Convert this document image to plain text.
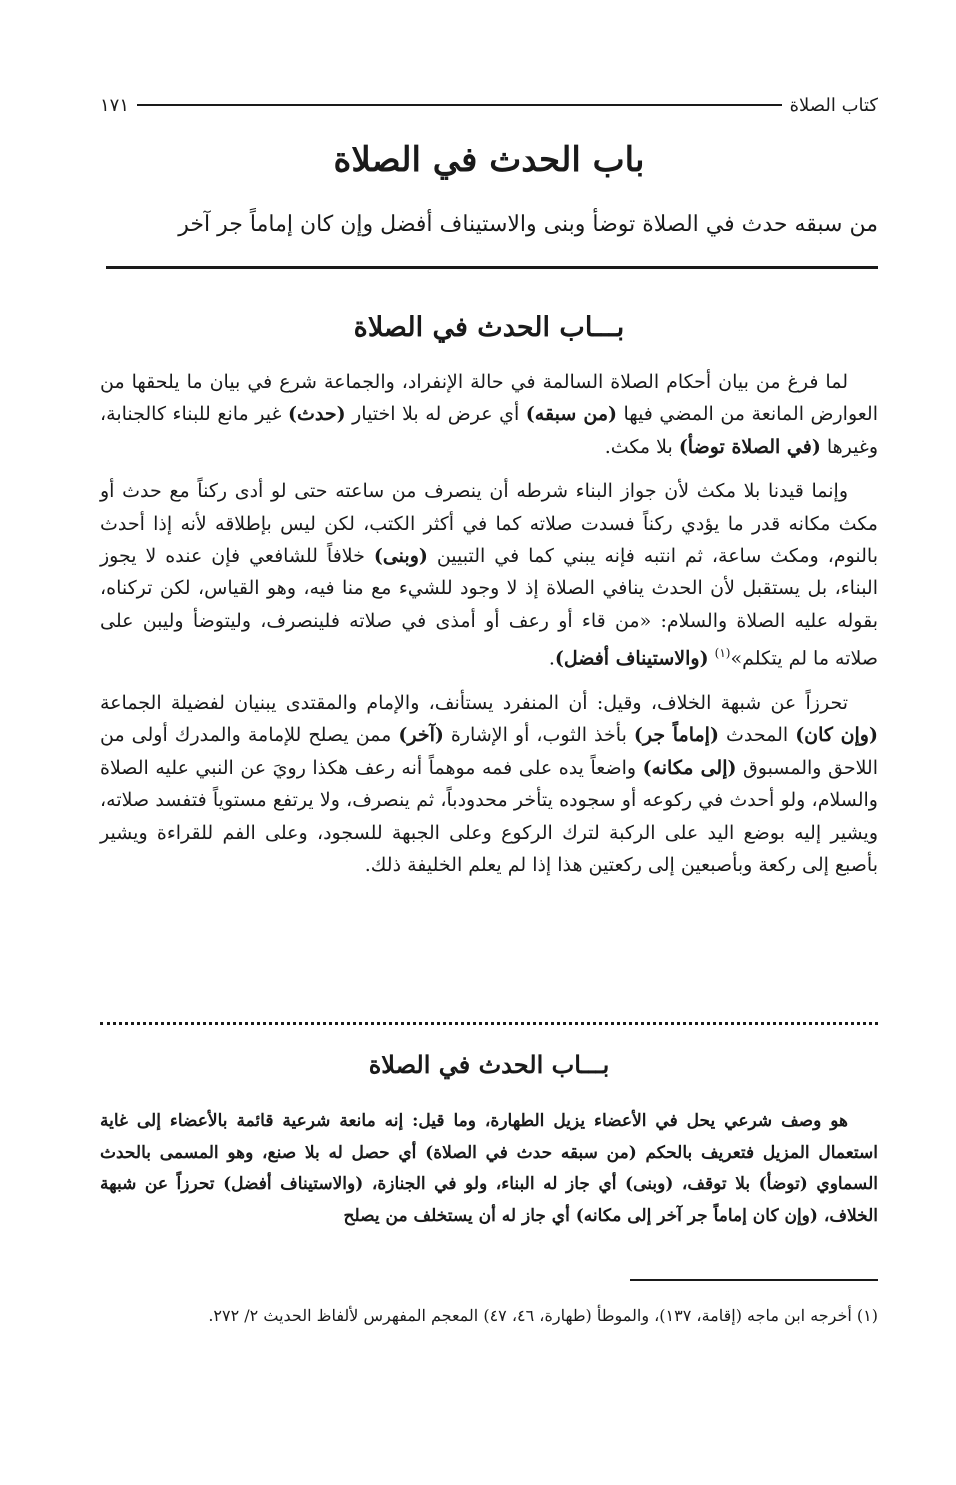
كتاب الصلاة
١٧١
باب الحدث في الصلاة
من سبقه حدث في الصلاة توضأ وبنى والاستيناف أفضل وإن كان إماماً جر آخر
بـــاب الحدث في الصلاة

لما فرغ من بيان أحكام الصلاة السالمة في حالة الإنفراد، والجماعة شرع في بيان ما يلحقها من العوارض المانعة من المضي فيها (من سبقه) أي عرض له بلا اختيار (حدث) غير مانع للبناء كالجنابة، وغيرها (في الصلاة توضأ) بلا مكث.

وإنما قيدنا بلا مكث لأن جواز البناء شرطه أن ينصرف من ساعته حتى لو أدى ركناً مع حدث أو مكث مكانه قدر ما يؤدي ركناً فسدت صلاته كما في أكثر الكتب، لكن ليس بإطلاقه لأنه إذا أحدث بالنوم، ومكث ساعة، ثم انتبه فإنه يبني كما في التبيين (وبنى) خلافاً للشافعي فإن عنده لا يجوز البناء، بل يستقبل لأن الحدث ينافي الصلاة إذ لا وجود للشيء مع منا فيه، وهو القياس، لكن تركناه، بقوله عليه الصلاة والسلام: «من قاء أو رعف أو أمذى في صلاته فلينصرف، وليتوضأ وليبن على صلاته ما لم يتكلم»$^{(١)}$ (والاستيناف أفضل).

تحرزاً عن شبهة الخلاف، وقيل: أن المنفرد يستأنف، والإمام والمقتدى يبنيان لفضيلة الجماعة (وإن كان) المحدث (إماماً جر) بأخذ الثوب، أو الإشارة (آخر) ممن يصلح للإمامة والمدرك أولى من اللاحق والمسبوق (إلى مكانه) واضعاً يده على فمه موهماً أنه رعف هكذا رويَ عن النبي عليه الصلاة والسلام، ولو أحدث في ركوعه أو سجوده يتأخر محدودباً، ثم ينصرف، ولا يرتفع مستوياً فتفسد صلاته، ويشير إليه بوضع اليد على الركبة لترك الركوع وعلى الجبهة للسجود، وعلى الفم للقراءة ويشير بأصبع إلى ركعة وبأصبعين إلى ركعتين هذا إذا لم يعلم الخليفة ذلك.

بـــاب الحدث في الصلاة

هو وصف شرعي يحل في الأعضاء يزيل الطهارة، وما قيل: إنه مانعة شرعية قائمة بالأعضاء إلى غاية استعمال المزيل فتعريف بالحكم (من سبقه حدث في الصلاة) أي حصل له بلا صنع، وهو المسمى بالحدث السماوي (توضأ) بلا توقف، (وبنى) أي جاز له البناء، ولو في الجنازة، (والاستيناف أفضل) تحرزاً عن شبهة الخلاف، (وإن كان إماماً جر آخر إلى مكانه) أي جاز له أن يستخلف من يصلح

(١) أخرجه ابن ماجه (إقامة، ١٣٧)، والموطأ (طهارة، ٤٦، ٤٧) المعجم المفهرس لألفاظ الحديث ٢/ ٢٧٢.
